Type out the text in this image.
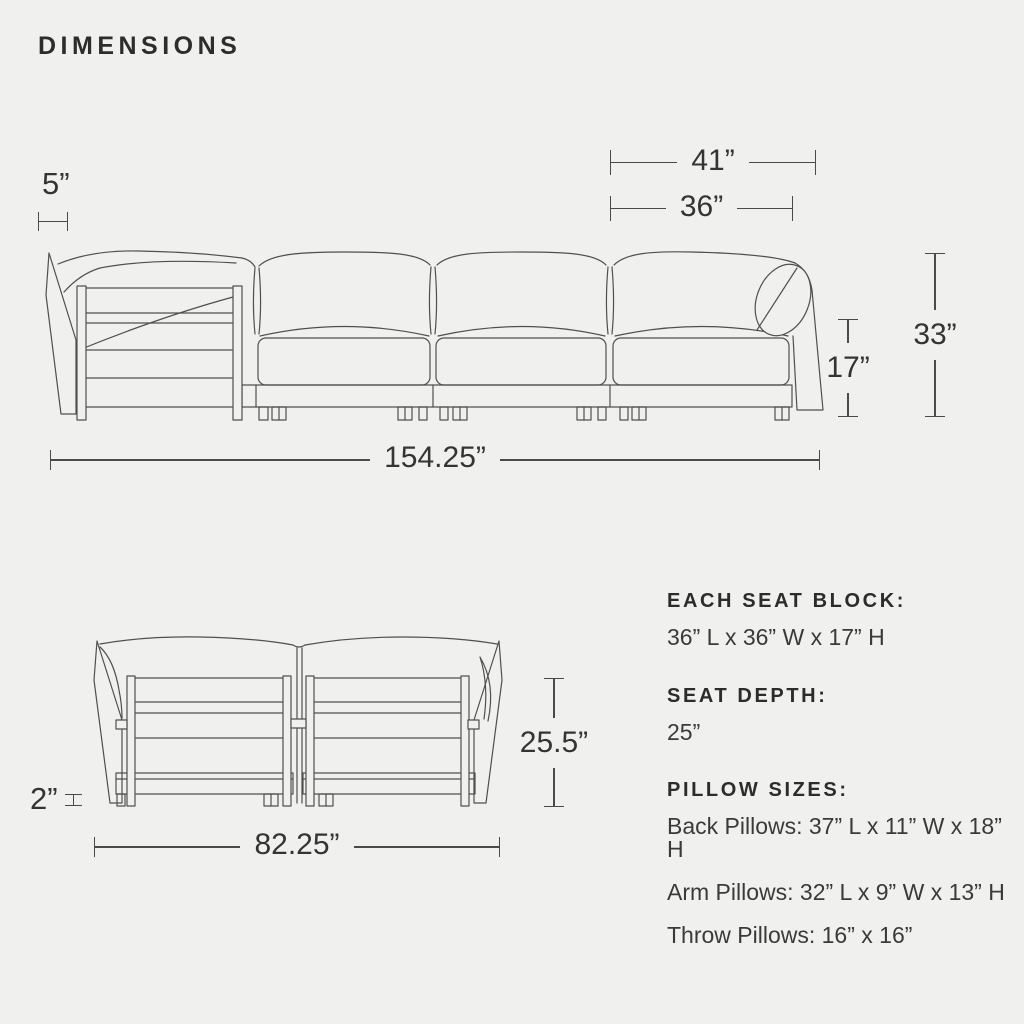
DIMENSIONS
5”
41”
36”
17”
33”
154.25”
2”
25.5”
82.25”

EACH SEAT BLOCK:

36” L x 36” W x 17” H

SEAT DEPTH:

25”

PILLOW SIZES:

Back Pillows: 37” L x 11” W x 18” H

Arm Pillows: 32” L x 9” W x 13” H

Throw Pillows: 16” x 16”
